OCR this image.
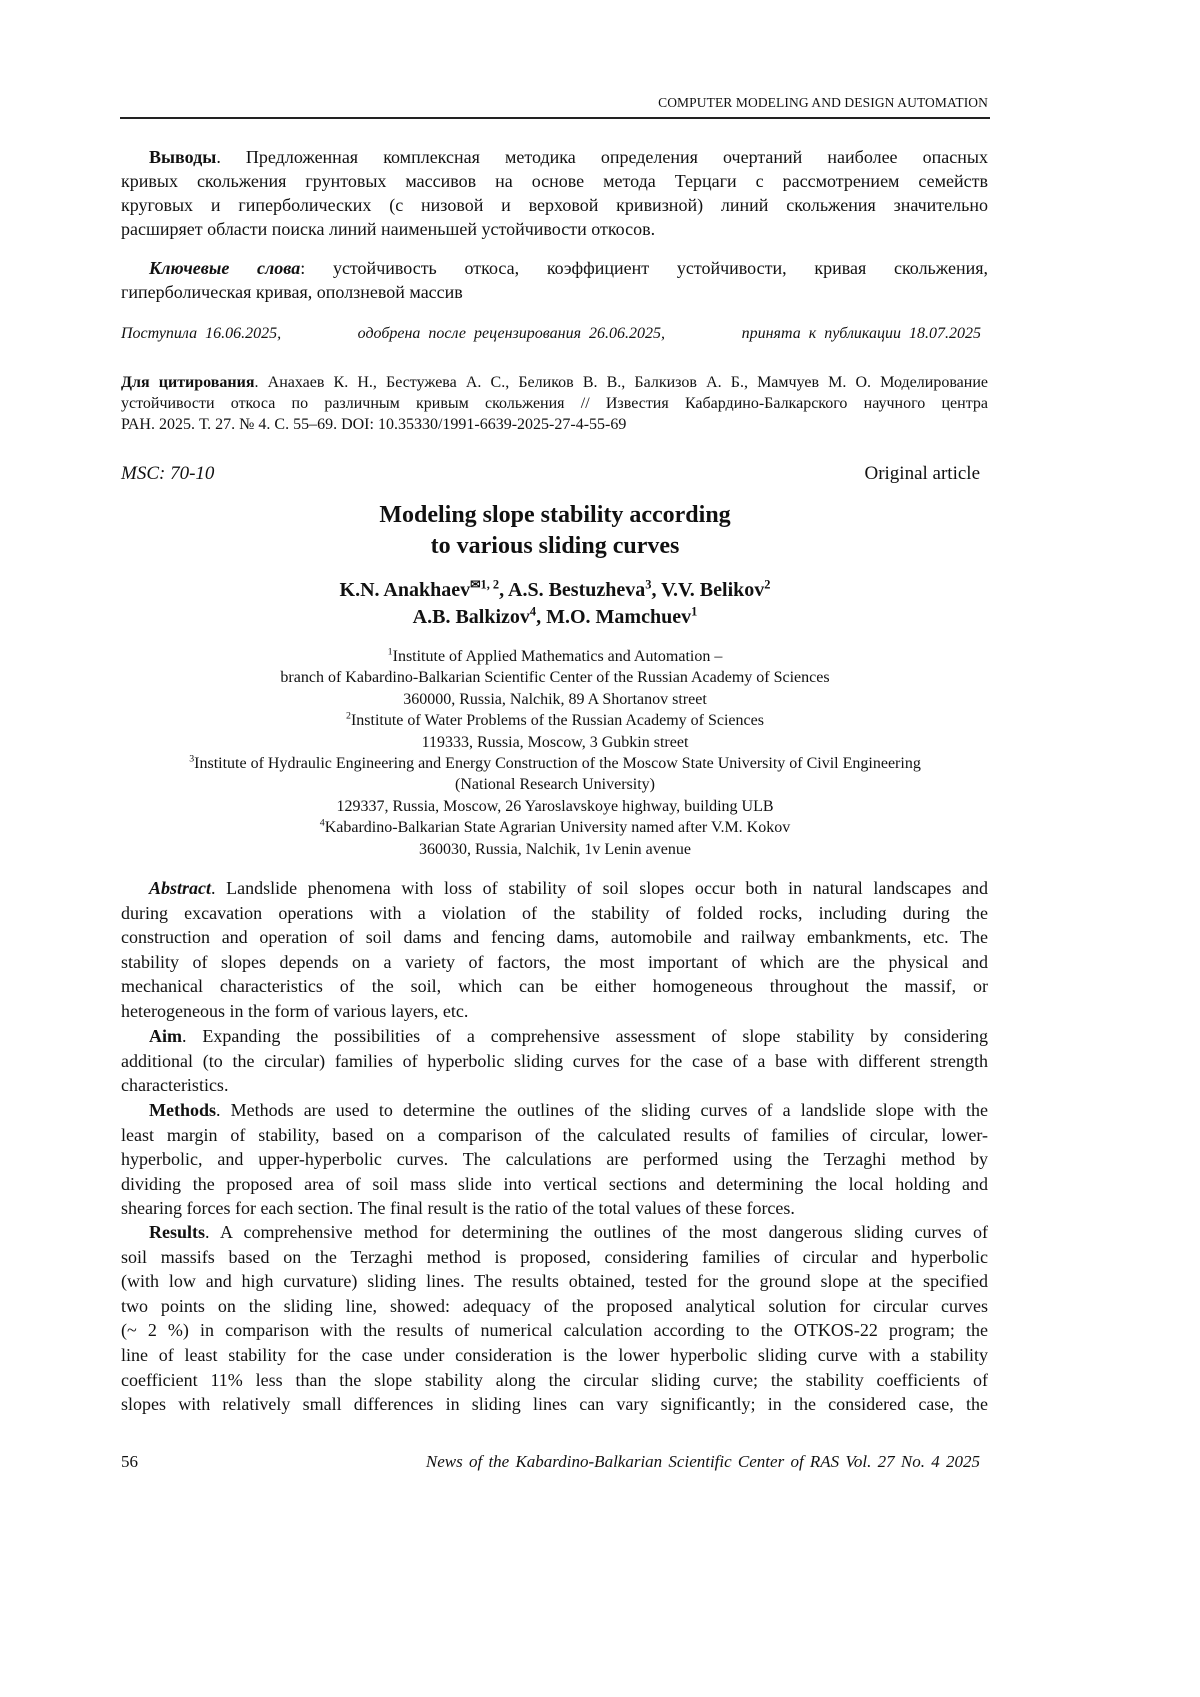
COMPUTER MODELING AND DESIGN AUTOMATION
Выводы. Предложенная комплексная методика определения очертаний наиболее опасных
кривых скольжения грунтовых массивов на основе метода Терцаги с рассмотрением семейств
круговых и гиперболических (с низовой и верховой кривизной) линий скольжения значительно
расширяет области поиска линий наименьшей устойчивости откосов.
Ключевые слова: устойчивость откоса, коэффициент устойчивости, кривая скольжения,
гиперболическая кривая, оползневой массив
Поступила 16.06.2025,	одобрена после рецензирования 26.06.2025,	принята к публикации 18.07.2025
Для цитирования. Анахаев К. Н., Бестужева А. С., Беликов В. В., Балкизов А. Б., Мамчуев М. О. Моделирование
устойчивости откоса по различным кривым скольжения // Известия Кабардино-Балкарского научного центра
РАН. 2025. Т. 27. № 4. С. 55–69. DOI: 10.35330/1991-6639-2025-27-4-55-69
MSC: 70-10	Original article
Modeling slope stability according
to various sliding curves
K.N. Anakhaev✉1, 2, A.S. Bestuzheva3, V.V. Belikov2
A.B. Balkizov4, M.O. Mamchuev1
1Institute of Applied Mathematics and Automation –
branch of Kabardino-Balkarian Scientific Center of the Russian Academy of Sciences
360000, Russia, Nalchik, 89 A Shortanov street
2Institute of Water Problems of the Russian Academy of Sciences
119333, Russia, Moscow, 3 Gubkin street
3Institute of Hydraulic Engineering and Energy Construction of the Moscow State University of Civil Engineering
(National Research University)
129337, Russia, Moscow, 26 Yaroslavskoye highway, building ULB
4Kabardino-Balkarian State Agrarian University named after V.M. Kokov
360030, Russia, Nalchik, 1v Lenin avenue
Abstract. Landslide phenomena with loss of stability of soil slopes occur both in natural landscapes and
during excavation operations with a violation of the stability of folded rocks, including during the
construction and operation of soil dams and fencing dams, automobile and railway embankments, etc. The
stability of slopes depends on a variety of factors, the most important of which are the physical and
mechanical characteristics of the soil, which can be either homogeneous throughout the massif, or
heterogeneous in the form of various layers, etc.
Aim. Expanding the possibilities of a comprehensive assessment of slope stability by considering
additional (to the circular) families of hyperbolic sliding curves for the case of a base with different strength
characteristics.
Methods. Methods are used to determine the outlines of the sliding curves of a landslide slope with the
least margin of stability, based on a comparison of the calculated results of families of circular, lower-
hyperbolic, and upper-hyperbolic curves. The calculations are performed using the Terzaghi method by
dividing the proposed area of soil mass slide into vertical sections and determining the local holding and
shearing forces for each section. The final result is the ratio of the total values of these forces.
Results. A comprehensive method for determining the outlines of the most dangerous sliding curves of
soil massifs based on the Terzaghi method is proposed, considering families of circular and hyperbolic
(with low and high curvature) sliding lines. The results obtained, tested for the ground slope at the specified
two points on the sliding line, showed: adequacy of the proposed analytical solution for circular curves
(~ 2 %) in comparison with the results of numerical calculation according to the OTKOS-22 program; the
line of least stability for the case under consideration is the lower hyperbolic sliding curve with a stability
coefficient 11% less than the slope stability along the circular sliding curve; the stability coefficients of
slopes with relatively small differences in sliding lines can vary significantly; in the considered case, the
56	News of the Kabardino-Balkarian Scientific Center of RAS Vol. 27 No. 4 2025
